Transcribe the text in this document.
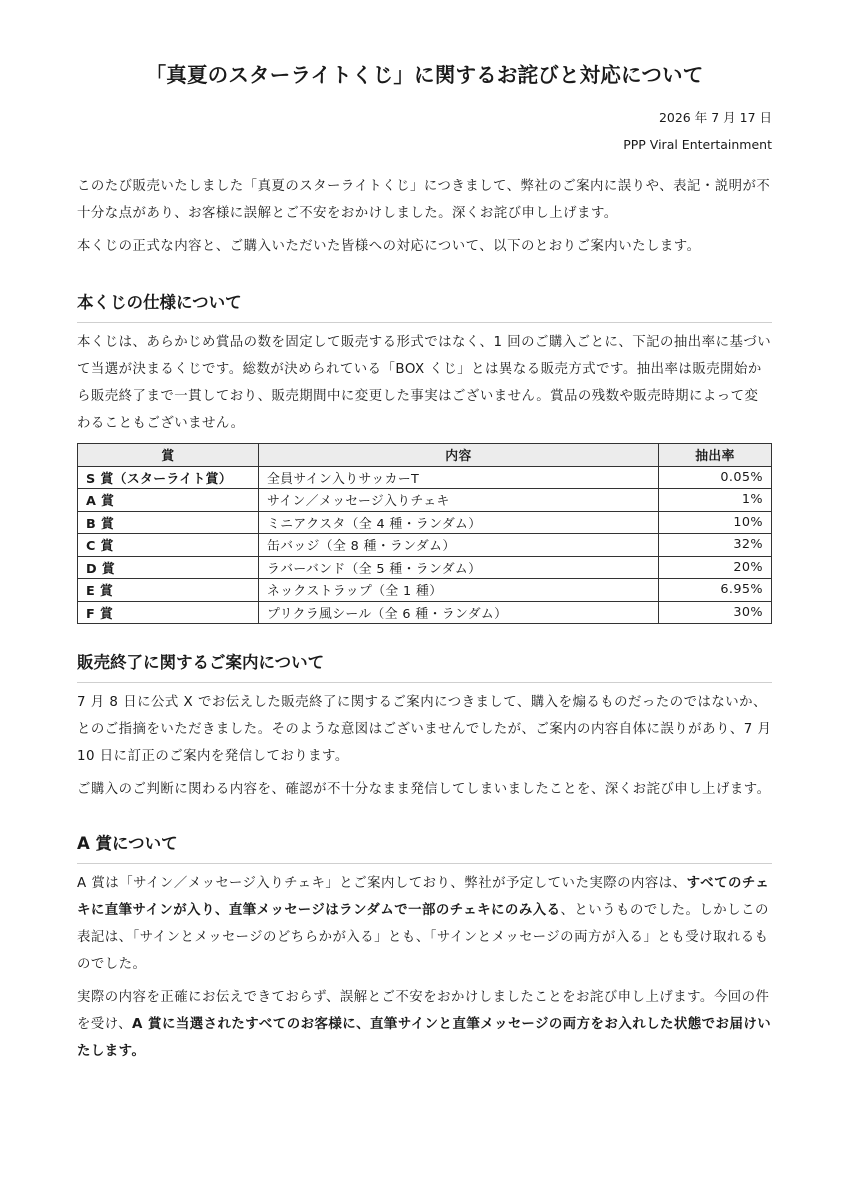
「真夏のスターライトくじ」に関するお詫びと対応について
2026 年 7 月 17 日
PPP Viral Entertainment

このたび販売いたしました「真夏のスターライトくじ」につきまして、弊社のご案内に誤りや、表記・説明が不十分な点があり、お客様に誤解とご不安をおかけしました。深くお詫び申し上げます。

本くじの正式な内容と、ご購入いただいた皆様への対応について、以下のとおりご案内いたします。

本くじの仕様について

本くじは、あらかじめ賞品の数を固定して販売する形式ではなく、1 回のご購入ごとに、下記の抽出率に基づいて当選が決まるくじです。総数が決められている「BOX くじ」とは異なる販売方式です。抽出率は販売開始から販売終了まで一貫しており、販売期間中に変更した事実はございません。賞品の残数や販売時期によって変わることもございません。

賞	内容	抽出率
S 賞（スターライト賞）	全員サイン入りサッカーT	0.05%
A 賞	サイン／メッセージ入りチェキ	1%
B 賞	ミニアクスタ（全 4 種・ランダム）	10%
C 賞	缶バッジ（全 8 種・ランダム）	32%
D 賞	ラバーバンド（全 5 種・ランダム）	20%
E 賞	ネックストラップ（全 1 種）	6.95%
F 賞	プリクラ風シール（全 6 種・ランダム）	30%
販売終了に関するご案内について

7 月 8 日に公式 X でお伝えした販売終了に関するご案内につきまして、購入を煽るものだったのではないか、とのご指摘をいただきました。そのような意図はございませんでしたが、ご案内の内容自体に誤りがあり、7 月 10 日に訂正のご案内を発信しております。

ご購入のご判断に関わる内容を、確認が不十分なまま発信してしまいましたことを、深くお詫び申し上げます。

A 賞について

A 賞は「サイン／メッセージ入りチェキ」とご案内しており、弊社が予定していた実際の内容は、すべてのチェキに直筆サインが入り、直筆メッセージはランダムで一部のチェキにのみ入る、というものでした。しかしこの表記は、「サインとメッセージのどちらかが入る」とも、「サインとメッセージの両方が入る」とも受け取れるものでした。

実際の内容を正確にお伝えできておらず、誤解とご不安をおかけしましたことをお詫び申し上げます。今回の件を受け、A 賞に当選されたすべてのお客様に、直筆サインと直筆メッセージの両方をお入れした状態でお届けいたします。
